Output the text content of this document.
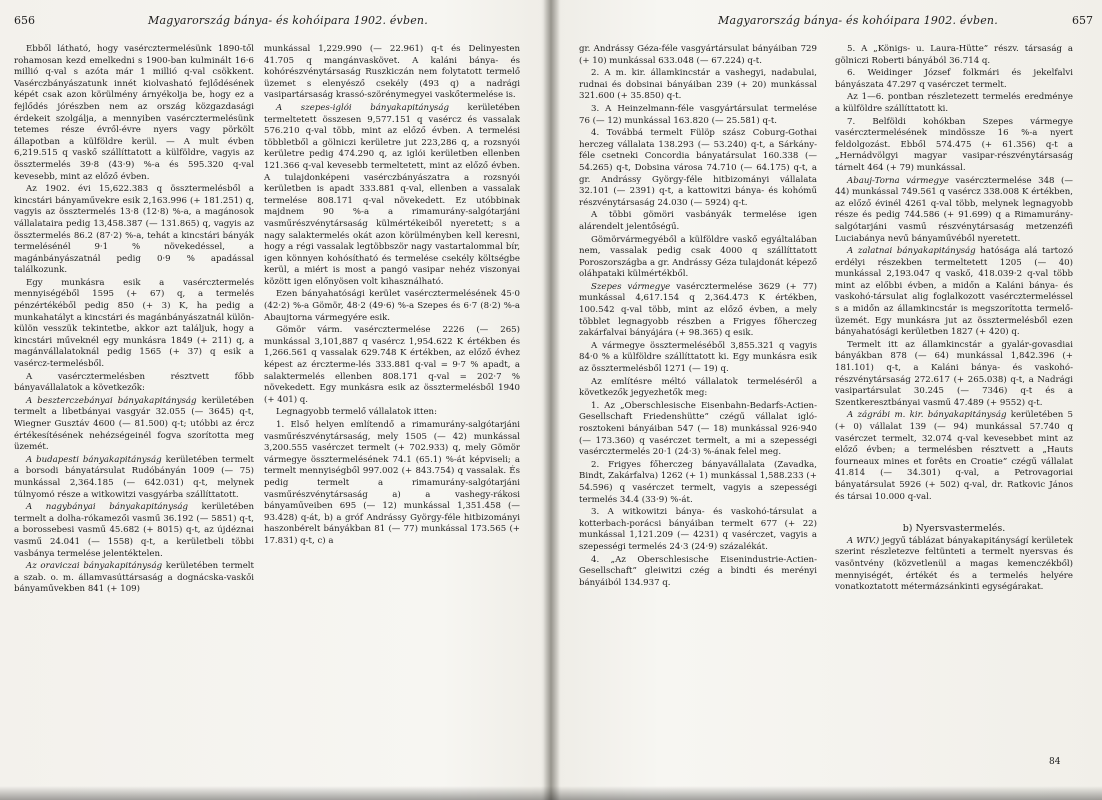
656	Magyarország bánya- és kohóipara 1902. évben.

Ebből látható, hogy vasércztermelésünk 1890-től rohamosan kezd emelkedni s 1900-ban kulminált 16·6 millió q-val s azóta már 1 millió q-val csökkent. Vasérczbányászatunk innét kiolvasható fejlődésének képét csak azon körülmény árnyékolja be, hogy ez a fejlődés jórészben nem az ország közgazdasági érdekeit szolgálja, a mennyiben vasércztermelésünk tetemes része évről-évre nyers vagy pörkölt állapotban a külföldre kerül. — A mult évben 6,219.515 q vaskő szállíttatott a külföldre, vagyis az össztermelés 39·8 (43·9) %-a és 595.320 q-val kevesebb, mint az előző évben.

Az 1902. évi 15,622.383 q össztermelésből a kincstári bányaművekre esik 2,163.996 (+ 181.251) q, vagyis az össztermelés 13·8 (12·8) %-a, a magánosok vállalataira pedig 13,458.387 (— 131.865) q, vagyis az össztermelés 86.2 (87·2) %-a, tehát a kincstári bányák termelésénél 9·1 % növekedéssel, a magánbányászatnál pedig 0·9 % apadással találkozunk.

Egy munkásra esik a vasércztermelés mennyiségéből 1595 (+ 67) q, a termelés pénzértékéből pedig 850 (+ 3) K, ha pedig a munkahatályt a kincstári és magánbányászatnál külön-külön vesszük tekintetbe, akkor azt találjuk, hogy a kincstári műveknél egy munkásra 1849 (+ 211) q, a magánvállalatoknál pedig 1565 (+ 37) q esik a vasércz-termelésből.

A vasércztermelésben résztvett főbb bányavállalatok a következők:

A beszterczebányai bányakapitányság kerületében termelt a libetbányai vasgyár 32.055 (— 3645) q-t, Wiegner Gusztáv 4600 (— 81.500) q-t; utóbbi az ércz értékesítésének nehézségeinél fogva szorította meg üzemét.

A budapesti bányakapitányság kerületében termelt a borsodi bányatársulat Rudóbányán 1009 (— 75) munkással 2,364.185 (— 642.031) q-t, melynek túlnyomó része a witkowitzi vasgyárba szállíttatott.

A nagybányai bányakapitányság kerületében termelt a dolha-rókamezői vasmű 36.192 (— 5851) q-t, a borossebesi vasmű 45.682 (+ 8015) q-t, az újdéznai vasmű 24.041 (— 1558) q-t, a kerületbeli többi vasbánya termelése jelentéktelen.

Az oraviczai bányakapitányság kerületében termelt a szab. o. m. államvasúttársaság a dognácska-vaskői bányaművekben 841 (+ 109)

munkással 1,229.990 (— 22.961) q-t és Delinyesten 41.705 q mangánvaskövet. A kaláni bánya- és kohórészvénytársaság Ruszkiczán nem folytatott termelő üzemet s elenyésző csekély (493 q) a nadrági vasipartársaság krassó-szörénymegyei vaskőtermelése is.

A szepes-iglói bányakapitányság kerületében termeltetett összesen 9,577.151 q vasércz és vassalak 576.210 q-val több, mint az előző évben. A termelési többletből a gölniczi kerületre jut 223,286 q, a rozsnyói kerületre pedig 474.290 q, az iglói kerületben ellenben 121.366 q-val kevesebb termeltetett, mint az előző évben. A tulajdonképeni vasérczbányászatra a rozsnyói kerületben is apadt 333.881 q-val, ellenben a vassalak termelése 808.171 q-val növekedett. Ez utóbbinak majdnem 90 %-a a rimamurány-salgótarjáni vasműrészvénytársaság külmértékeiből nyeretett; s a nagy salaktermelés okát azon körülményben kell keresni, hogy a régi vassalak legtöbbször nagy vastartalommal bír, igen könnyen kohósítható és termelése csekély költségbe kerül, a miért is most a pangó vasipar nehéz viszonyai között igen előnyösen volt kihasználható.

Ezen bányahatósági kerület vasércztermelésének 45·0 (42·2) %-a Gömör, 48·2 (49·6) %-a Szepes és 6·7 (8·2) %-a Abaujtorna vármegyére esik.

Gömör várm. vasércztermelése 2226 (— 265) munkással 3,101,887 q vasércz 1,954.622 K értékben és 1,266.561 q vassalak 629.748 K értékben, az előző évhez képest az érczterme-lés 333.881 q-val = 9·7 % apadt, a salaktermelés ellenben 808.171 q-val = 202·7 % növekedett. Egy munkásra esik az össztermelésből 1940 (+ 401) q.

Legnagyobb termelő vállalatok itten:

1. Első helyen említendő a rimamurány-salgótarjáni vasműrészvénytársaság, mely 1505 (— 42) munkással 3,200.555 vasérczet termelt (+ 702.933) q, mely Gömör vármegye össztermelésének 74.1 (65.1) %-át képviseli; a termelt mennyiségből 997.002 (+ 843.754) q vassalak. És pedig termelt a rimamurány-salgótarjáni vasműrészvénytársaság a) a vashegy-rákosi bányaműveiben 695 (— 12) munkással 1,351.458 (— 93.428) q-át, b) a gróf Andrássy György-féle hitbizományi haszonbérelt bányákban 81 (— 77) munkással 173.565 (+ 17.831) q-t, c) a

Magyarország bánya- és kohóipara 1902. évben.	657

gr. Andrássy Géza-féle vasgyártársulat bányáiban 729 (+ 10) munkással 633.048 (— 67.224) q-t.

2. A m. kir. államkincstár a vashegyi, nadabulai, rudnai és dobsinai bányáiban 239 (+ 20) munkással 321.600 (+ 35.850) q-t.

3. A Heinzelmann-féle vasgyártársulat termelése 76 (— 12) munkással 163.820 (— 25.581) q-t.

4. Továbbá termelt Fülöp szász Coburg-Gothai herczeg vállalata 138.293 (— 53.240) q-t, a Sárkány-féle csetneki Concordia bányatársulat 160.338 (— 54.265) q-t, Dobsina városa 74.710 (— 64.175) q-t, a gr. Andrássy György-féle hitbizományi vállalata 32.101 (— 2391) q-t, a kattowitzi bánya- és kohómű részvénytársaság 24.030 (— 5924) q-t.

A többi gömöri vasbányák termelése igen alárendelt jelentőségű.

Gömörvármegyéből a külföldre vaskő egyáltalában nem, vassalak pedig csak 4000 q szállíttatott Poroszországba a gr. Andrássy Géza tulajdonát képező oláhpataki külmértékből.

Szepes vármegye vasércztermelése 3629 (+ 77) munkással 4,617.154 q 2,364.473 K értékben, 100.542 q-val több, mint az előző évben, a mely többlet legnagyobb részben a Frigyes főherczeg zakárfalvai bányájára (+ 98.365) q esik.

A vármegye össztermeléséből 3,855.321 q vagyis 84·0 % a külföldre szállíttatott ki. Egy munkásra esik az össztermelésből 1271 (— 19) q.

Az említésre méltó vállalatok termeléséről a következők jegyezhetők meg:

1. Az „Oberschlesische Eisenbahn-Bedarfs-Actien-Gesellschaft Friedenshütte” czégű vállalat igló-rosztokeni bányáiban 547 (— 18) munkással 926·940 (— 173.360) q vasérczet termelt, a mi a szepességi vasércztermelés 20·1 (24·3) %-ának felel meg.

2. Frigyes főherczeg bányavállalata (Zavadka, Bindt, Zakárfalva) 1262 (+ 1) munkással 1,588.233 (+ 54.596) q vasérczet termelt, vagyis a szepességi termelés 34.4 (33·9) %-át.

3. A witkowitzi bánya- és vaskohó-társulat a kotterbach-porácsi bányáiban termelt 677 (+ 22) munkással 1,121.209 (— 4231) q vasérczet, vagyis a szepességi termelés 24·3 (24·9) százalékát.

4. „Az Oberschlesische Eisenindustrie-Actien-Gesellschaft” gleiwitzi czég a bindti és merényi bányáiból 134.937 q.

5. A „Königs- u. Laura-Hütte” részv. társaság a gölniczi Roberti bányából 36.714 q.

6. Weidinger József folkmári és jekelfalvi bányászata 47.297 q vasérczet termelt.

Az 1—6. pontban részletezett termelés eredménye a külföldre szállíttatott ki.

7. Belföldi kohókban Szepes vármegye vasércztermelésének mindössze 16 %-a nyert feldolgozást. Ebből 574.475 (+ 61.356) q-t a „Hernádvölgyi magyar vasipar-részvénytársaság tárnelt 464 (+ 79) munkással.

Abauj-Torna vármegye vasércztermelése 348 (— 44) munkással 749.561 q vasércz 338.008 K értékben, az előző évinél 4261 q-val több, melynek legnagyobb része és pedig 744.586 (+ 91.699) q a Rimamurány-salgótarjáni vasmű részvénytársaság metzenzéfi Luciabánya nevű bányaművéből nyeretett.

A zalatnai bányakapitányság hatósága alá tartozó erdélyi részekben termeltetett 1205 (— 40) munkással 2,193.047 q vaskő, 418.039·2 q-val több mint az előbbi évben, a midőn a Kaláni bánya- és vaskohó-társulat alig foglalkozott vasércztermeléssel s a midőn az államkincstár is megszorította termelő-üzemét. Egy munkásra jut az össztermelésből ezen bányahatósági kerületben 1827 (+ 420) q.

Termelt itt az államkincstár a gyalár-govasdiai bányákban 878 (— 64) munkással 1,842.396 (+ 181.101) q-t, a Kaláni bánya- és vaskohó-részvénytársaság 272.617 (+ 265.038) q-t, a Nadrági vasipartársulat 30.245 (— 7346) q-t és a Szentkeresztbányai vasmű 47.489 (+ 9552) q-t.

A zágrábi m. kir. bányakapitányság kerületében 5 (+ 0) vállalat 139 (— 94) munkással 57.740 q vasérczet termelt, 32.074 q-val kevesebbet mint az előző évben; a termelésben résztvett a „Hauts fourneaux mines et forêts en Croatie” czégű vállalat 41.814 (— 34.301) q-val, a Petrovagoriai bányatársulat 5926 (+ 502) q-val, dr. Ratkovic János és társai 10.000 q-val.

b) Nyersvastermelés.

A WIV.) jegyű táblázat bányakapitányságí kerületek szerint részletezve feltünteti a termelt nyersvas és vasöntvény (közvetlenül a magas kemenczékből) mennyiségét, értékét és a termelés helyére vonatkoztatott métermázsánkinti egységárakat.

84
